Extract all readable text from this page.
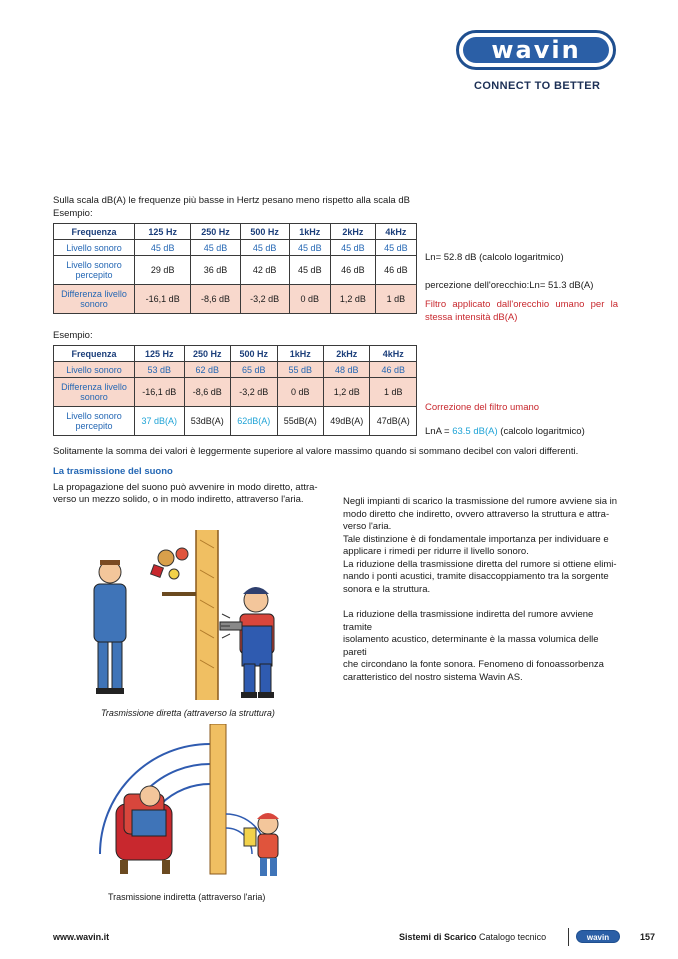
wavin
CONNECT TO BETTER
Sulla scala dB(A) le frequenze più basse in Hertz pesano meno rispetto alla scala dB
Esempio:
Frequenza	125 Hz	250 Hz	500 Hz	1kHz	2kHz	4kHz
Livello sonoro	45 dB	45 dB	45 dB	45 dB	45 dB	45 dB
Livello sonoro percepito	29 dB	36 dB	42 dB	45 dB	46 dB	46 dB
Differenza livello sonoro	-16,1 dB	-8,6 dB	-3,2 dB	0 dB	1,2 dB	1 dB
Ln= 52.8 dB (calcolo logaritmico)
percezione dell'orecchio:Ln= 51.3 dB(A)
Filtro applicato dall'orecchio umano per la stessa intensità dB(A)
Esempio:
Frequenza	125 Hz	250 Hz	500 Hz	1kHz	2kHz	4kHz
Livello sonoro	53 dB	62 dB	65 dB	55 dB	48 dB	46 dB
Differenza livello sonoro	-16,1 dB	-8,6 dB	-3,2 dB	0 dB	1,2 dB	1 dB
Livello sonoro percepito	37 dB(A)	53dB(A)	62dB(A)	55dB(A)	49dB(A)	47dB(A)
Correzione del filtro umano
LnA = 63.5 dB(A) (calcolo logaritmico)
Solitamente la somma dei valori è leggermente superiore al valore massimo quando si sommano decibel con valori differenti.
La trasmissione del suono
La propagazione del suono può avvenire in modo diretto, attra-
verso un mezzo solido, o in modo indiretto, attraverso l'aria.	Negli impianti di scarico la trasmissione del rumore avviene sia in
modo diretto che indiretto, ovvero attraverso la struttura e attra-
verso l'aria.
Tale distinzione è di fondamentale importanza per individuare e
applicare i rimedi per ridurre il livello sonoro.
La riduzione della trasmissione diretta del rumore si ottiene elimi-
nando i ponti acustici, tramite disaccoppiamento tra la sorgente
sonora e la struttura.
La riduzione della trasmissione indiretta del rumore avviene tramite
isolamento acustico, determinante è la massa volumica delle pareti
che circondano la fonte sonora. Fenomeno di fonoassorbenza
caratteristico del nostro sistema Wavin AS.
Trasmissione diretta (attraverso la struttura)
Trasmissione indiretta (attraverso l'aria)
www.wavin.it	Sistemi di Scarico Catalogo tecnico	wavin	157
